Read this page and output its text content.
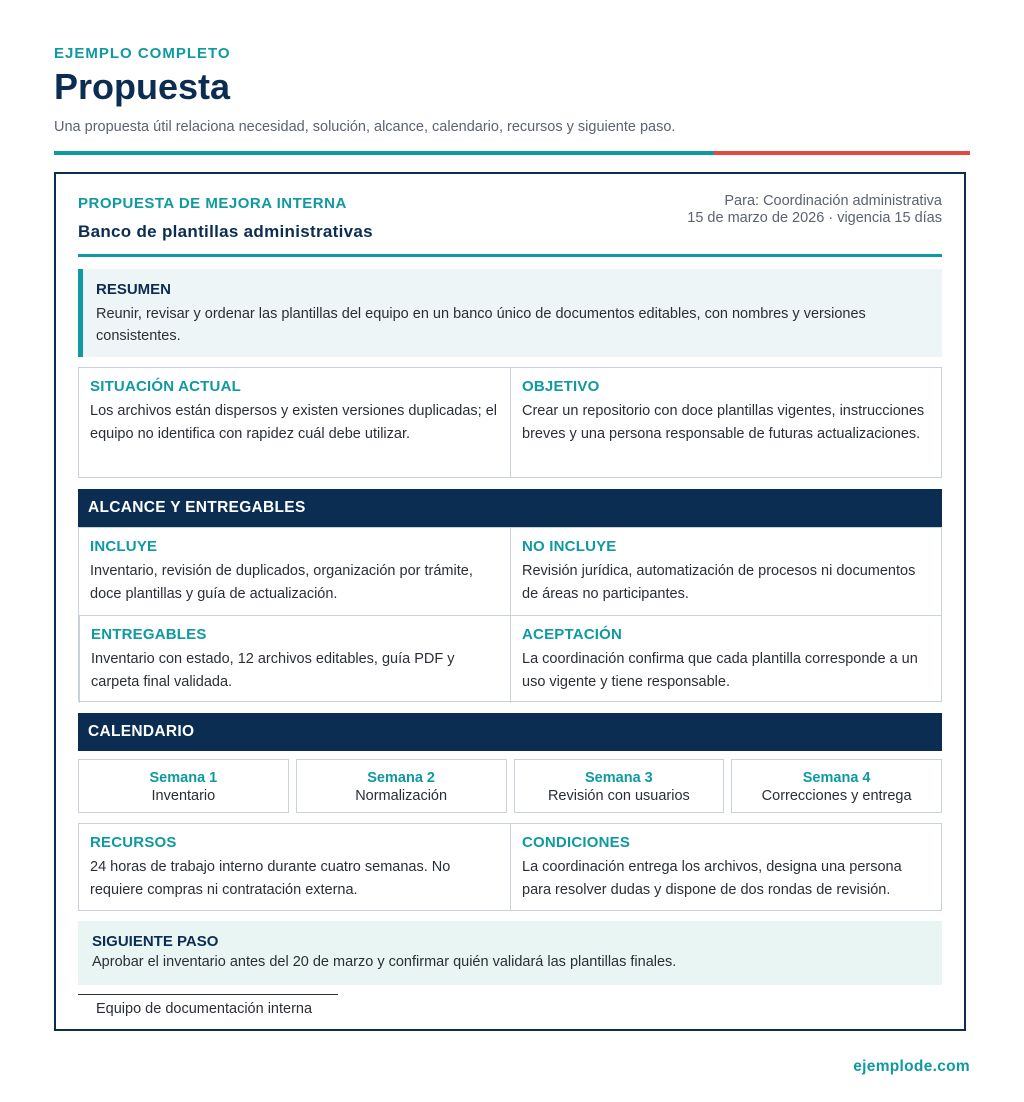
EJEMPLO COMPLETO
Propuesta
Una propuesta útil relaciona necesidad, solución, alcance, calendario, recursos y siguiente paso.
PROPUESTA DE MEJORA INTERNA
Banco de plantillas administrativas
Para: Coordinación administrativa
15 de marzo de 2026 · vigencia 15 días
RESUMEN

Reunir, revisar y ordenar las plantillas del equipo en un banco único de documentos editables, con nombres y versiones consistentes.

SITUACIÓN ACTUAL

Los archivos están dispersos y existen versiones duplicadas; el equipo no identifica con rapidez cuál debe utilizar.

OBJETIVO

Crear un repositorio con doce plantillas vigentes, instrucciones breves y una persona responsable de futuras actualizaciones.

ALCANCE Y ENTREGABLES
INCLUYE

Inventario, revisión de duplicados, organización por trámite, doce plantillas y guía de actualización.

NO INCLUYE

Revisión jurídica, automatización de procesos ni documentos de áreas no participantes.

ENTREGABLES

Inventario con estado, 12 archivos editables, guía PDF y carpeta final validada.

ACEPTACIÓN

La coordinación confirma que cada plantilla corresponde a un uso vigente y tiene responsable.

CALENDARIO
Semana 1
Inventario
Semana 2
Normalización
Semana 3
Revisión con usuarios
Semana 4
Correcciones y entrega
RECURSOS

24 horas de trabajo interno durante cuatro semanas. No requiere compras ni contratación externa.

CONDICIONES

La coordinación entrega los archivos, designa una persona para resolver dudas y dispone de dos rondas de revisión.

SIGUIENTE PASO

Aprobar el inventario antes del 20 de marzo y confirmar quién validará las plantillas finales.

Equipo de documentación interna
ejemplode.com
